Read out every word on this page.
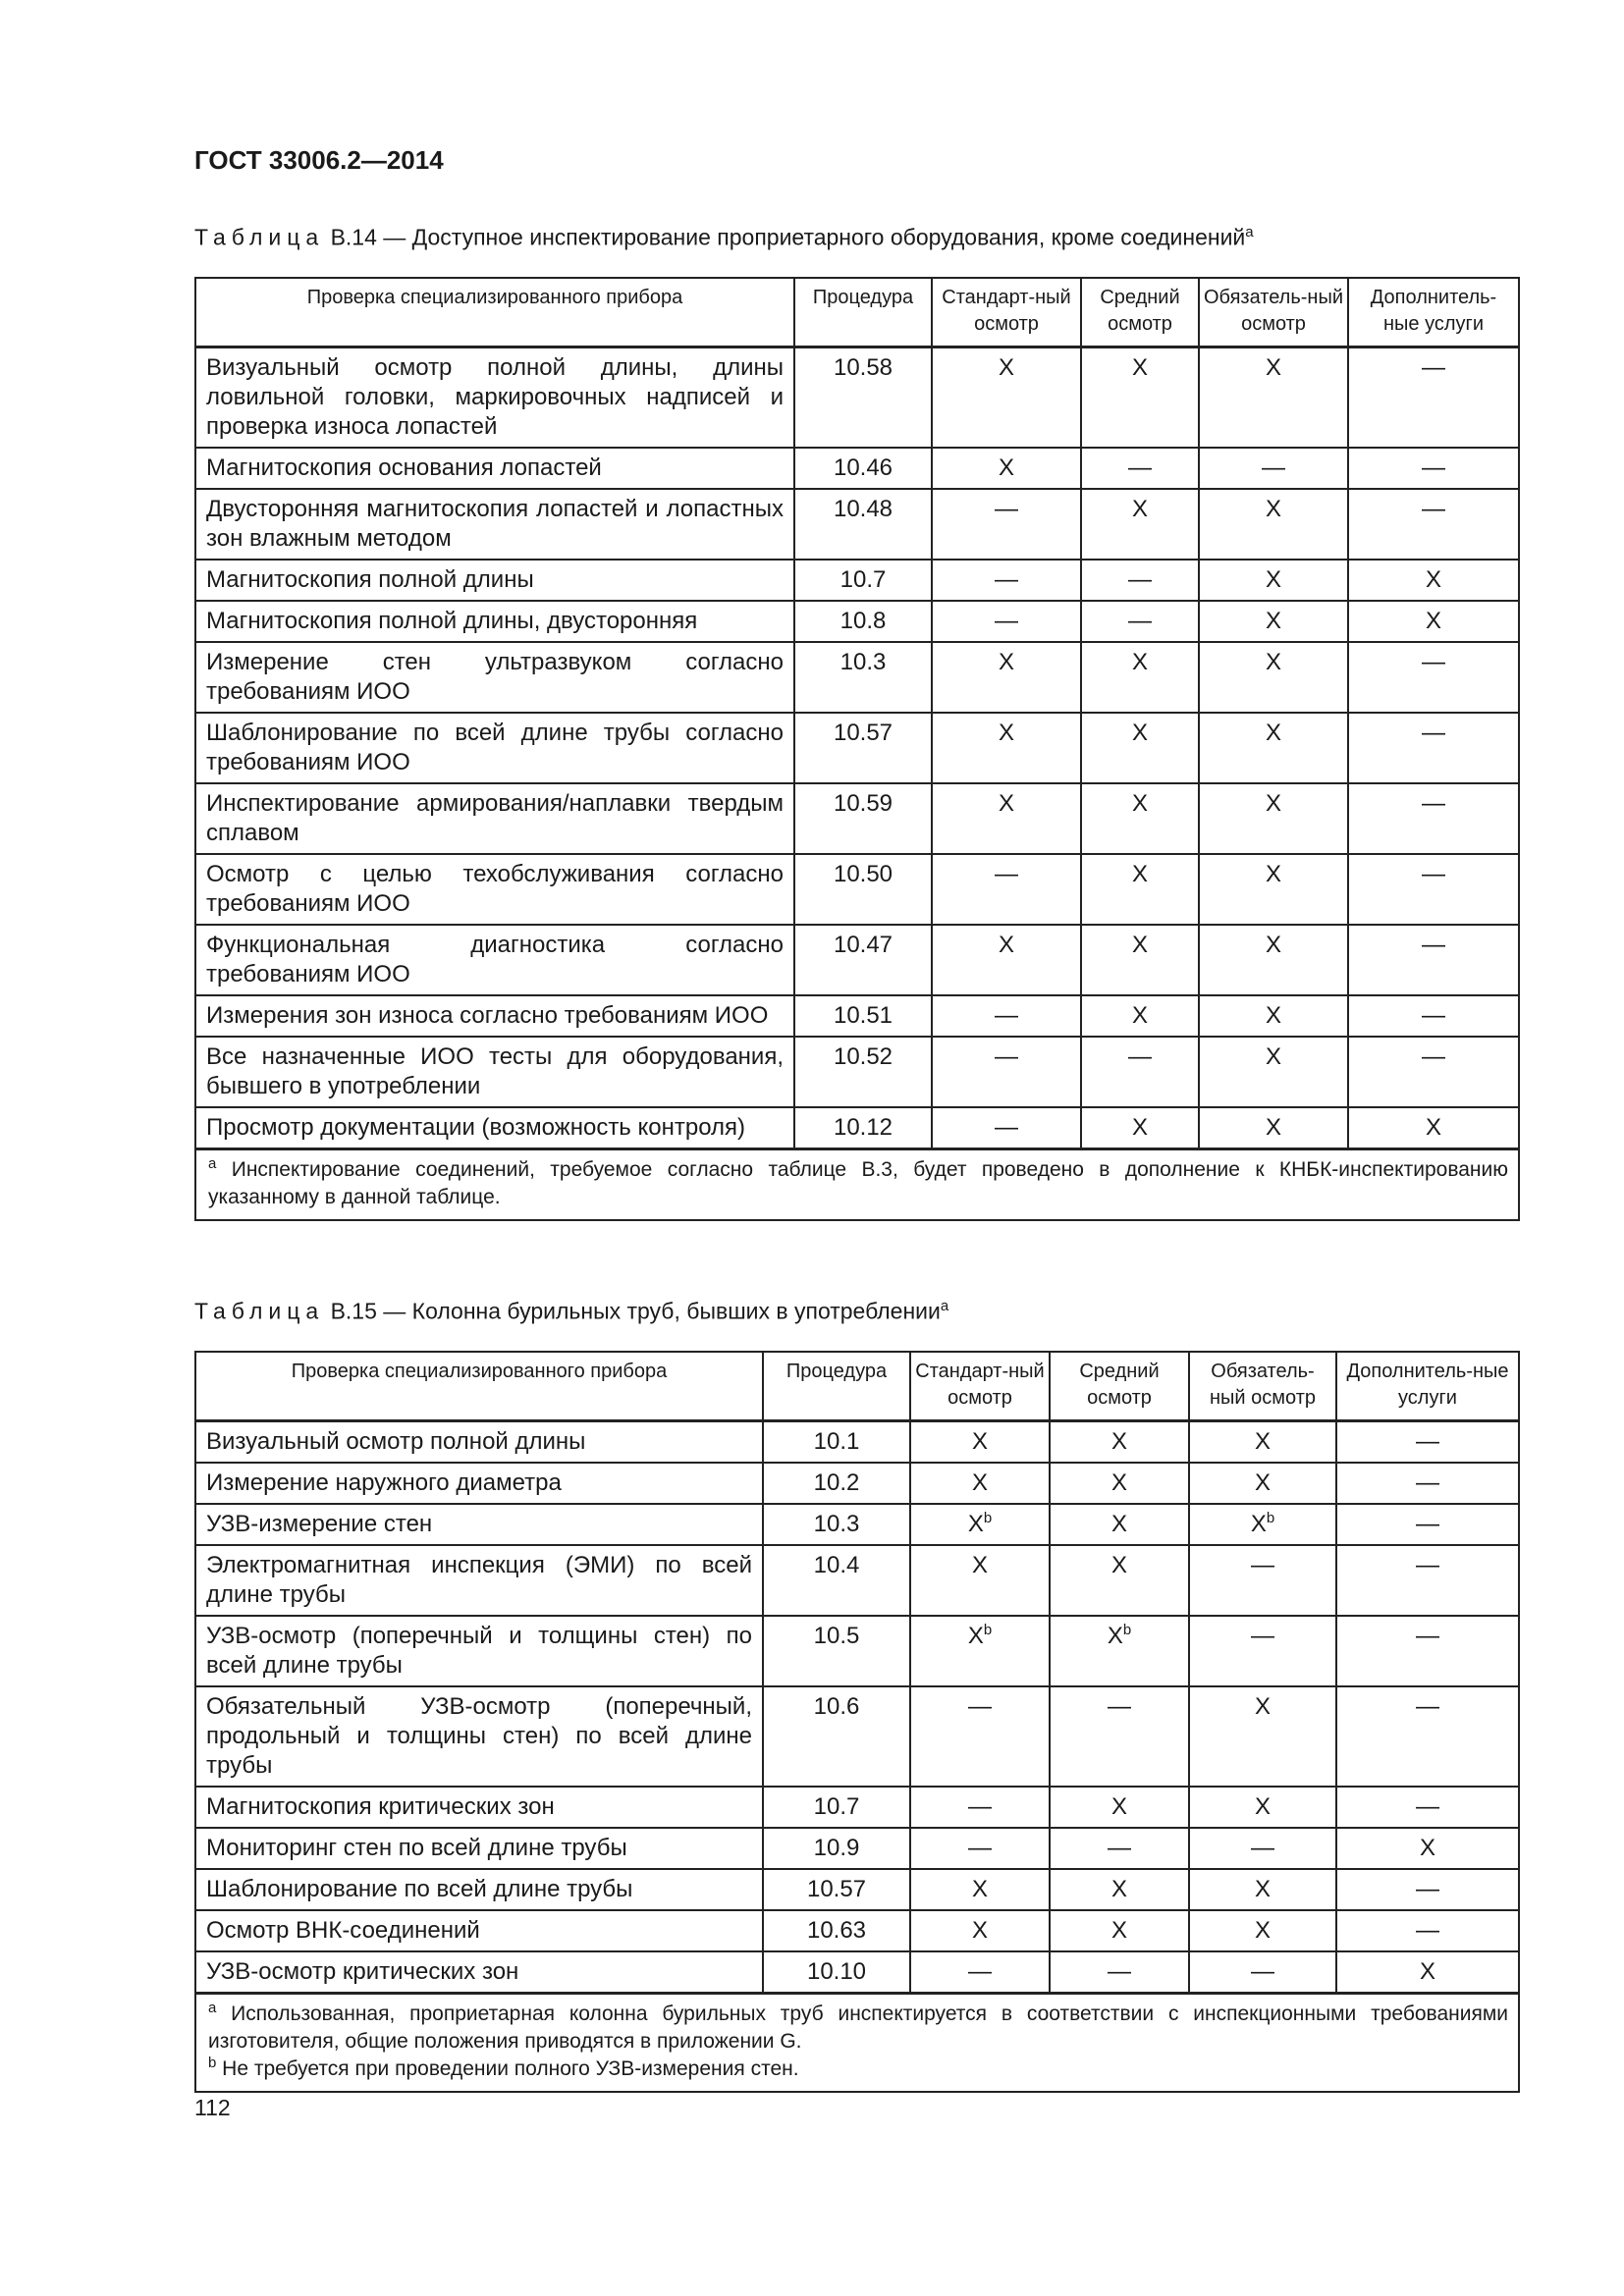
ГОСТ 33006.2—2014
Таблица В.14 — Доступное инспектирование проприетарного оборудования, кроме соединений$^а$
Проверка специализированного прибора	Процедура	Стандарт-ный осмотр	Средний осмотр	Обязатель-ный осмотр	Дополнитель-ные услуги
Визуальный осмотр полной длины, длины ловильной головки, маркировочных надписей и проверка износа лопастей	10.58	X	X	X	—
Магнитоскопия основания лопастей	10.46	X	—	—	—
Двусторонняя магнитоскопия лопастей и лопастных зон влажным методом	10.48	—	X	X	—
Магнитоскопия полной длины	10.7	—	—	X	X
Магнитоскопия полной длины, двусторонняя	10.8	—	—	X	X
Измерение стен ультразвуком согласно требованиям ИОО	10.3	X	X	X	—
Шаблонирование по всей длине трубы согласно требованиям ИОО	10.57	X	X	X	—
Инспектирование армирования/наплавки твердым сплавом	10.59	X	X	X	—
Осмотр с целью техобслуживания согласно требованиям ИОО	10.50	—	X	X	—
Функциональная диагностика согласно требованиям ИОО	10.47	X	X	X	—
Измерения зон износа согласно требованиям ИОО	10.51	—	X	X	—
Все назначенные ИОО тесты для оборудования, бывшего в употреблении	10.52	—	—	X	—
Просмотр документации (возможность контроля)	10.12	—	X	X	X
$^a$ Инспектирование соединений, требуемое согласно таблице В.3, будет проведено в дополнение к КНБК-инспектированию указанному в данной таблице.					
Таблица В.15 — Колонна бурильных труб, бывших в употреблении$^а$
Проверка специализированного прибора	Процедура	Стандарт-ный осмотр	Средний осмотр	Обязатель-ный осмотр	Дополнитель-ные услуги
Визуальный осмотр полной длины	10.1	X	X	X	—
Измерение наружного диаметра	10.2	X	X	X	—
УЗВ-измерение стен	10.3	$X^b$	X	$X^b$	—
Электромагнитная инспекция (ЭМИ) по всей длине трубы	10.4	X	X	—	—
УЗВ-осмотр (поперечный и толщины стен) по всей длине трубы	10.5	$X^b$	$X^b$	—	—
Обязательный УЗВ-осмотр (поперечный, продольный и толщины стен) по всей длине трубы	10.6	—	—	X	—
Магнитоскопия критических зон	10.7	—	X	X	—
Мониторинг стен по всей длине трубы	10.9	—	—	—	X
Шаблонирование по всей длине трубы	10.57	X	X	X	—
Осмотр ВНК-соединений	10.63	X	X	X	—
УЗВ-осмотр критических зон	10.10	—	—	—	X

$^a$ Использованная, проприетарная колонна бурильных труб инспектируется в соответствии с инспекционными требованиями изготовителя, общие положения приводятся в приложении G.
$^b$ Не требуется при проведении полного УЗВ-измерения стен.					
112
